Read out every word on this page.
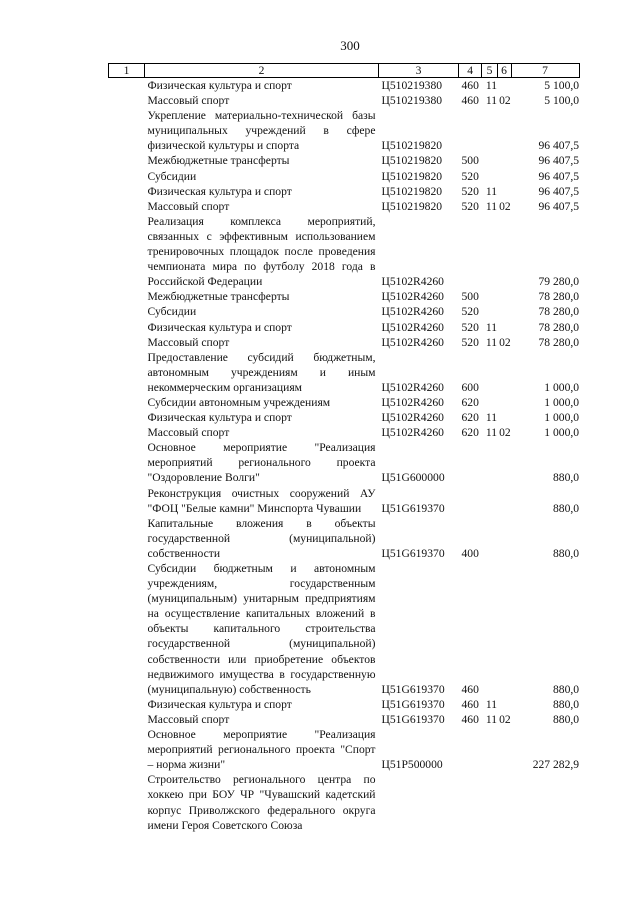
300
1	2	3	4	5	6	7
	Физическая культура и спорт	Ц510219380	460	11		5 100,0
	Массовый спорт	Ц510219380	460	11	02	5 100,0
	Укрепление материально-технической базы муниципальных учреждений в сфере физической культуры и спорта	Ц510219820				96 407,5
	Межбюджетные трансферты	Ц510219820	500			96 407,5
	Субсидии	Ц510219820	520			96 407,5
	Физическая культура и спорт	Ц510219820	520	11		96 407,5
	Массовый спорт	Ц510219820	520	11	02	96 407,5
	Реализация комплекса мероприятий, связанных с эффективным использованием тренировочных площадок после проведения чемпионата мира по футболу 2018 года в Российской Федерации	Ц5102R4260				79 280,0
	Межбюджетные трансферты	Ц5102R4260	500			78 280,0
	Субсидии	Ц5102R4260	520			78 280,0
	Физическая культура и спорт	Ц5102R4260	520	11		78 280,0
	Массовый спорт	Ц5102R4260	520	11	02	78 280,0
	Предоставление субсидий бюджетным, автономным учреждениям и иным некоммерческим организациям	Ц5102R4260	600			1 000,0
	Субсидии автономным учреждениям	Ц5102R4260	620			1 000,0
	Физическая культура и спорт	Ц5102R4260	620	11		1 000,0
	Массовый спорт	Ц5102R4260	620	11	02	1 000,0
	Основное мероприятие "Реализация мероприятий регионального проекта "Оздоровление Волги"	Ц51G600000				880,0
	Реконструкция очистных сооружений АУ "ФОЦ "Белые камни" Минспорта Чувашии	Ц51G619370				880,0
	Капитальные вложения в объекты государственной (муниципальной) собственности	Ц51G619370	400			880,0
	Субсидии бюджетным и автономным учреждениям, государственным (муниципальным) унитарным предприятиям на осуществление капитальных вложений в объекты капитального строительства государственной (муниципальной) собственности или приобретение объектов недвижимого имущества в государственную (муниципальную) собственность	Ц51G619370	460			880,0
	Физическая культура и спорт	Ц51G619370	460	11		880,0
	Массовый спорт	Ц51G619370	460	11	02	880,0
	Основное мероприятие "Реализация мероприятий регионального проекта "Спорт – норма жизни"	Ц51P500000				227 282,9
	Строительство регионального центра по хоккею при БОУ ЧР "Чувашский кадетский корпус Приволжского федерального округа имени Героя Советского Союза					
